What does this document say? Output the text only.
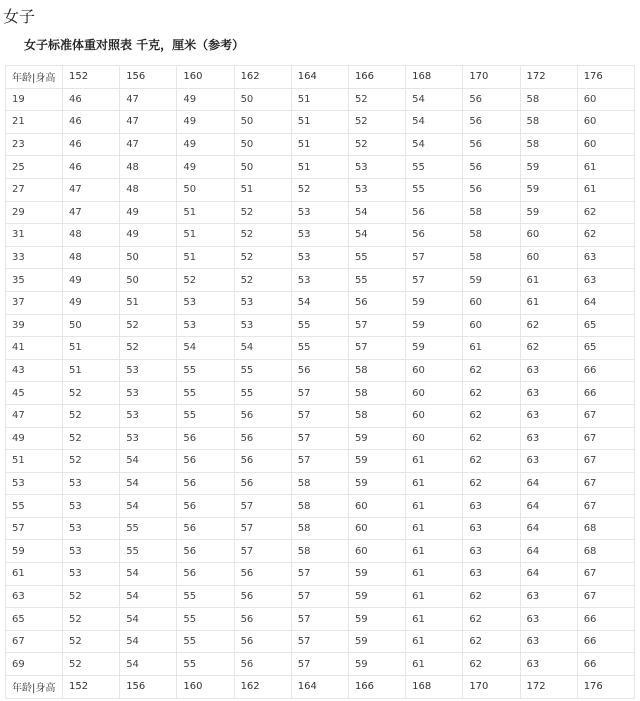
女子
女子标准体重对照表 千克，厘米（参考）
年龄|身高	152	156	160	162	164	166	168	170	172	176
19	46	47	49	50	51	52	54	56	58	60
21	46	47	49	50	51	52	54	56	58	60
23	46	47	49	50	51	52	54	56	58	60
25	46	48	49	50	51	53	55	56	59	61
27	47	48	50	51	52	53	55	56	59	61
29	47	49	51	52	53	54	56	58	59	62
31	48	49	51	52	53	54	56	58	60	62
33	48	50	51	52	53	55	57	58	60	63
35	49	50	52	52	53	55	57	59	61	63
37	49	51	53	53	54	56	59	60	61	64
39	50	52	53	53	55	57	59	60	62	65
41	51	52	54	54	55	57	59	61	62	65
43	51	53	55	55	56	58	60	62	63	66
45	52	53	55	55	57	58	60	62	63	66
47	52	53	55	56	57	58	60	62	63	67
49	52	53	56	56	57	59	60	62	63	67
51	52	54	56	56	57	59	61	62	63	67
53	53	54	56	56	58	59	61	62	64	67
55	53	54	56	57	58	60	61	63	64	67
57	53	55	56	57	58	60	61	63	64	68
59	53	55	56	57	58	60	61	63	64	68
61	53	54	56	56	57	59	61	63	64	67
63	52	54	55	56	57	59	61	62	63	67
65	52	54	55	56	57	59	61	62	63	66
67	52	54	55	56	57	59	61	62	63	66
69	52	54	55	56	57	59	61	62	63	66
年龄|身高	152	156	160	162	164	166	168	170	172	176
